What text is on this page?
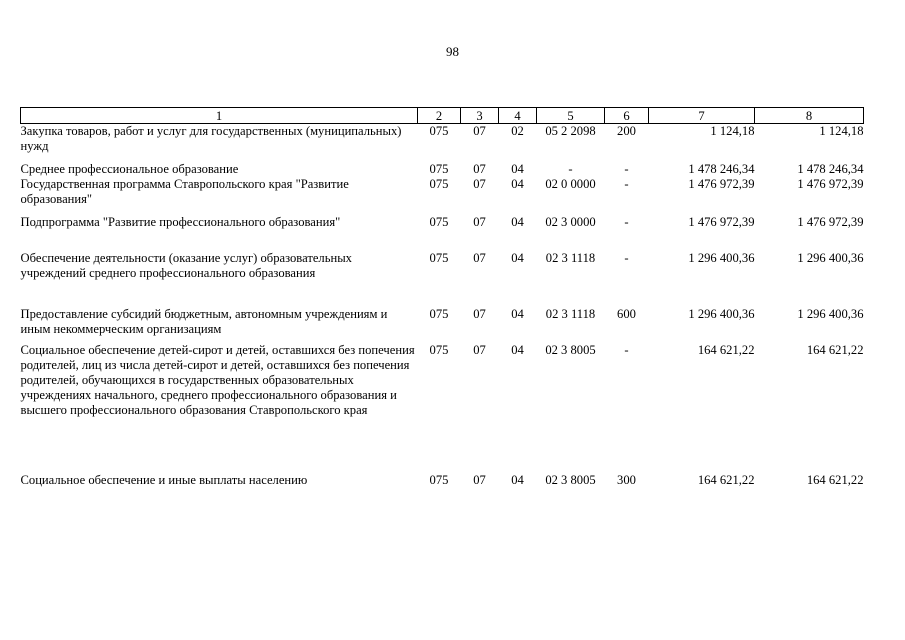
98
1	2	3	4	5	6	7	8
Закупка товаров, работ и услуг для государственных (муниципальных) нужд	075	07	02	05 2 2098	200	1 124,18	1 124,18
Среднее профессиональное образование	075	07	04	-	-	1 478 246,34	1 478 246,34
Государственная программа Ставропольского края "Развитие образования"	075	07	04	02 0 0000	-	1 476 972,39	1 476 972,39
Подпрограмма "Развитие профессионального образования"	075	07	04	02 3 0000	-	1 476 972,39	1 476 972,39
Обеспечение деятельности (оказание услуг) образовательных учреждений среднего профессионального образования	075	07	04	02 3 1118	-	1 296 400,36	1 296 400,36
Предоставление субсидий бюджетным, автономным учреждениям и иным некоммерческим организациям	075	07	04	02 3 1118	600	1 296 400,36	1 296 400,36
Социальное обеспечение детей-сирот и детей, оставшихся без попечения родителей, лиц из числа детей-сирот и детей, оставшихся без попечения родителей, обучающихся в государственных образовательных учреждениях начального, среднего профессионального образования и высшего профессионального образования Ставропольского края	075	07	04	02 3 8005	-	164 621,22	164 621,22
Социальное обеспечение и иные выплаты населению	075	07	04	02 3 8005	300	164 621,22	164 621,22
